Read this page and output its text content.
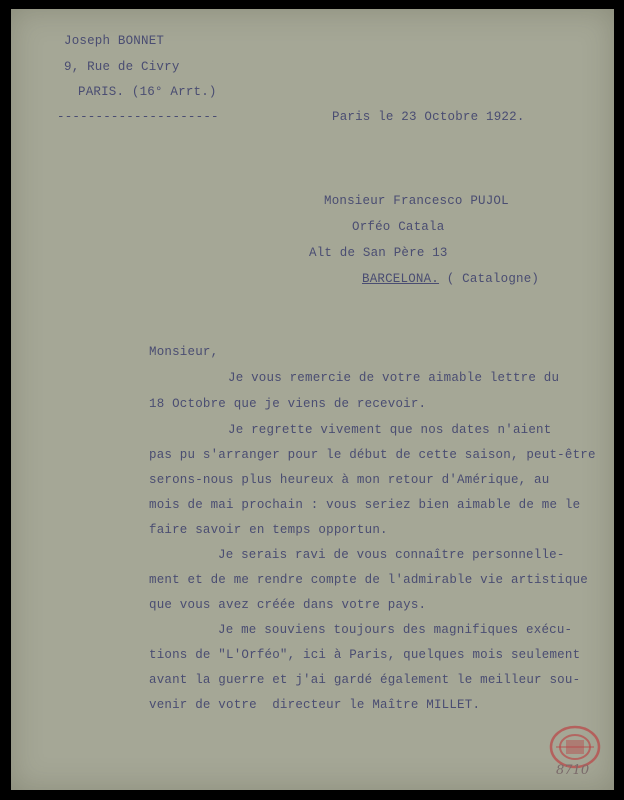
Joseph BONNET
9, Rue de Civry
PARIS. (16° Arrt.)
---------------------	Paris le 23 Octobre 1922.
Monsieur Francesco PUJOL
Orféo Catala
Alt de San Père 13
BARCELONA. ( Catalogne)
Monsieur,
Je vous remercie de votre aimable lettre du
18 Octobre que je viens de recevoir.
Je regrette vivement que nos dates n'aient
pas pu s'arranger pour le début de cette saison, peut-être
serons-nous plus heureux à mon retour d'Amérique, au
mois de mai prochain : vous seriez bien aimable de me le
faire savoir en temps opportun.
Je serais ravi de vous connaître personnelle-
ment et de me rendre compte de l'admirable vie artistique
que vous avez créée dans votre pays.
Je me souviens toujours des magnifiques exécu-
tions de "L'Orféo", ici à Paris, quelques mois seulement
avant la guerre et j'ai gardé également le meilleur sou-
venir de votre  directeur le Maître MILLET.
8710
